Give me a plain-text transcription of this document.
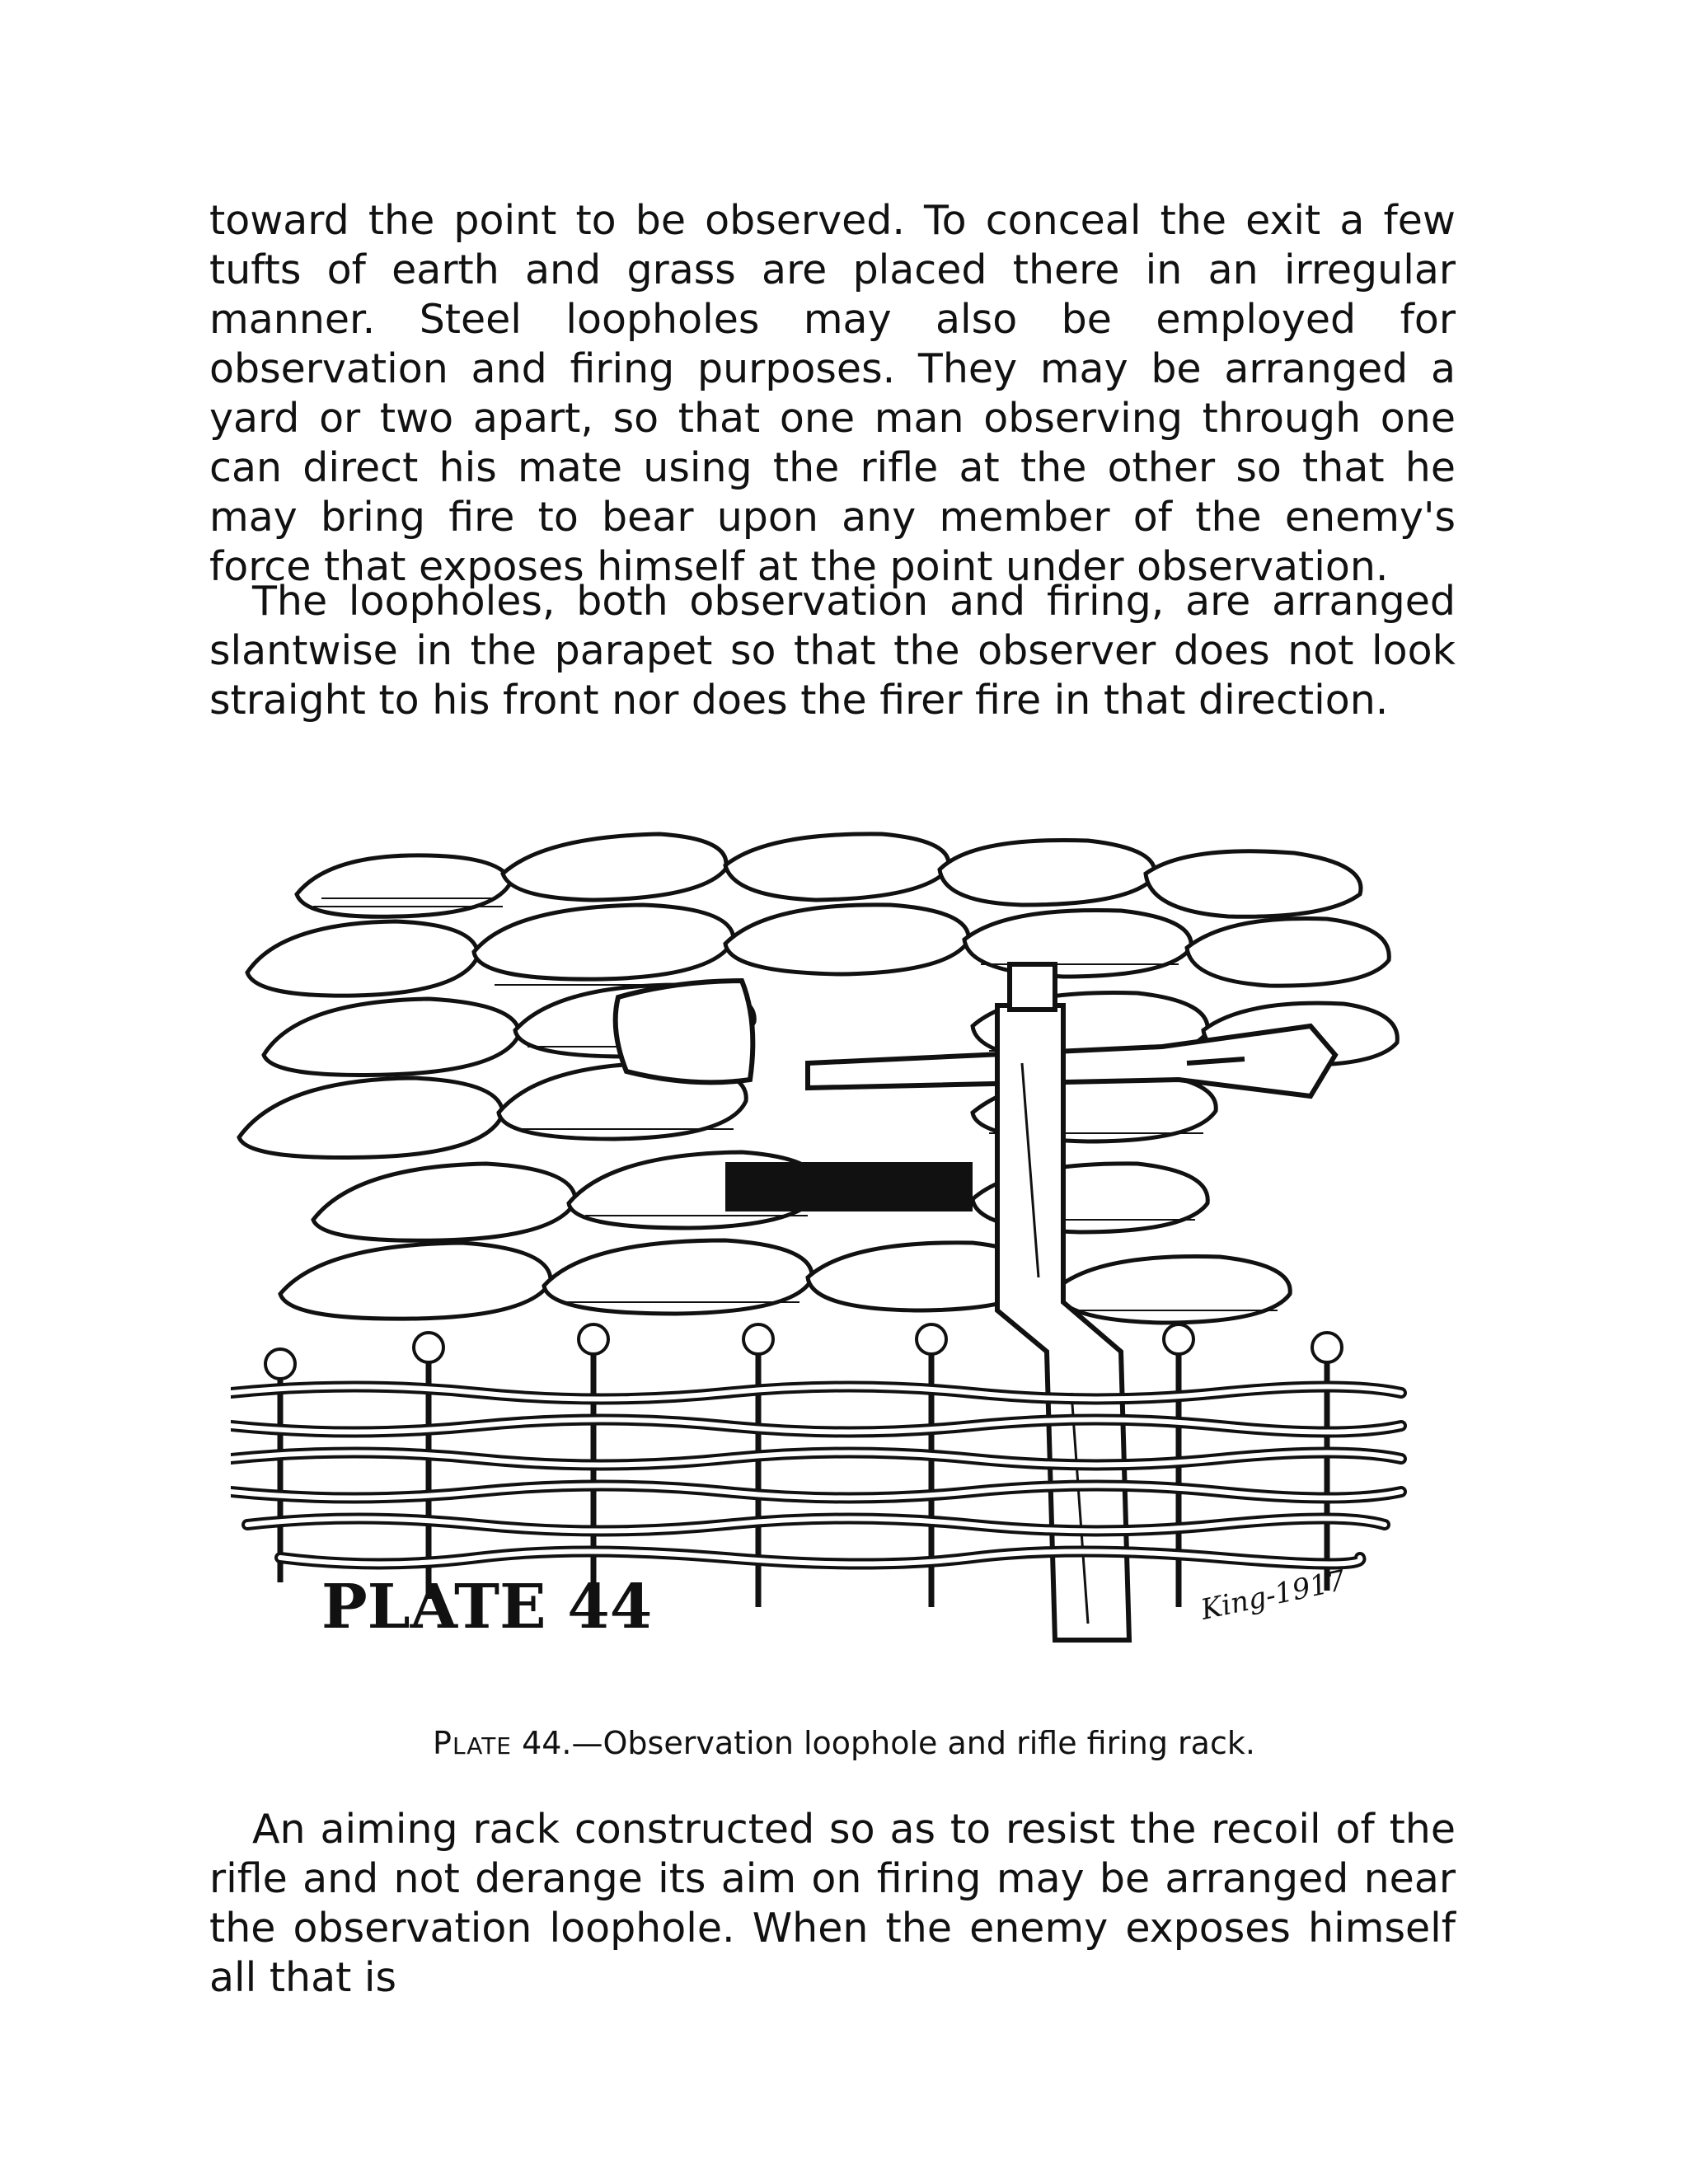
toward the point to be observed. To conceal the exit a few tufts of earth and grass are placed there in an irregular manner. Steel loopholes may also be employed for observation and firing purposes. They may be arranged a yard or two apart, so that one man observing through one can direct his mate using the rifle at the other so that he may bring fire to bear upon any member of the enemy's force that exposes himself at the point under observation.

The loopholes, both observation and firing, are arranged slantwise in the parapet so that the observer does not look straight to his front nor does the firer fire in that direction.

PLATE 44	King-1917
PLATE 44.—Observation loophole and rifle firing rack.

An aiming rack constructed so as to resist the recoil of the rifle and not derange its aim on firing may be arranged near the observation loophole. When the enemy exposes himself all that is
